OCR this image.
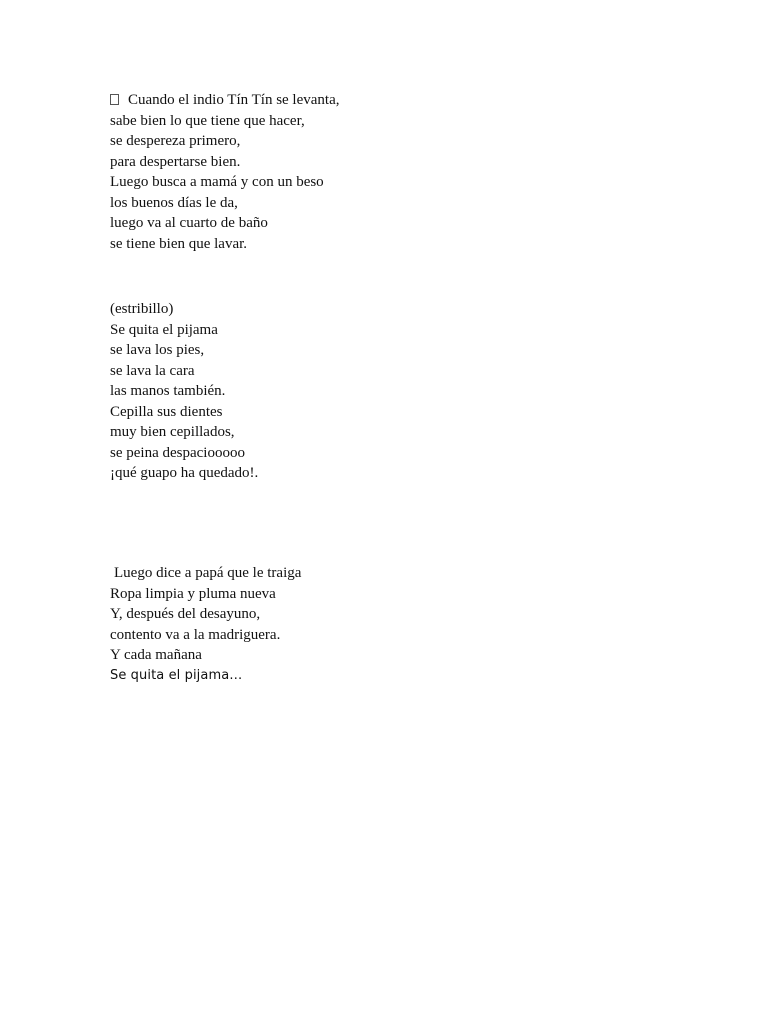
Cuando el indio Tín Tín se levanta,
sabe bien lo que tiene que hacer,
se despereza primero,
para despertarse bien.
Luego busca a mamá y con un beso
los buenos días le da,
luego va al cuarto de baño
se tiene bien que lavar.
(estribillo)
Se quita el pijama
se lava los pies,
se lava la cara
las manos también.
Cepilla sus dientes
muy bien cepillados,
se peina despaciooooo
¡qué guapo ha quedado!.
Luego dice a papá que le traiga
Ropa limpia y pluma nueva
Y, después del desayuno,
contento va a la madriguera.
Y cada mañana
Se quita el pijama…
